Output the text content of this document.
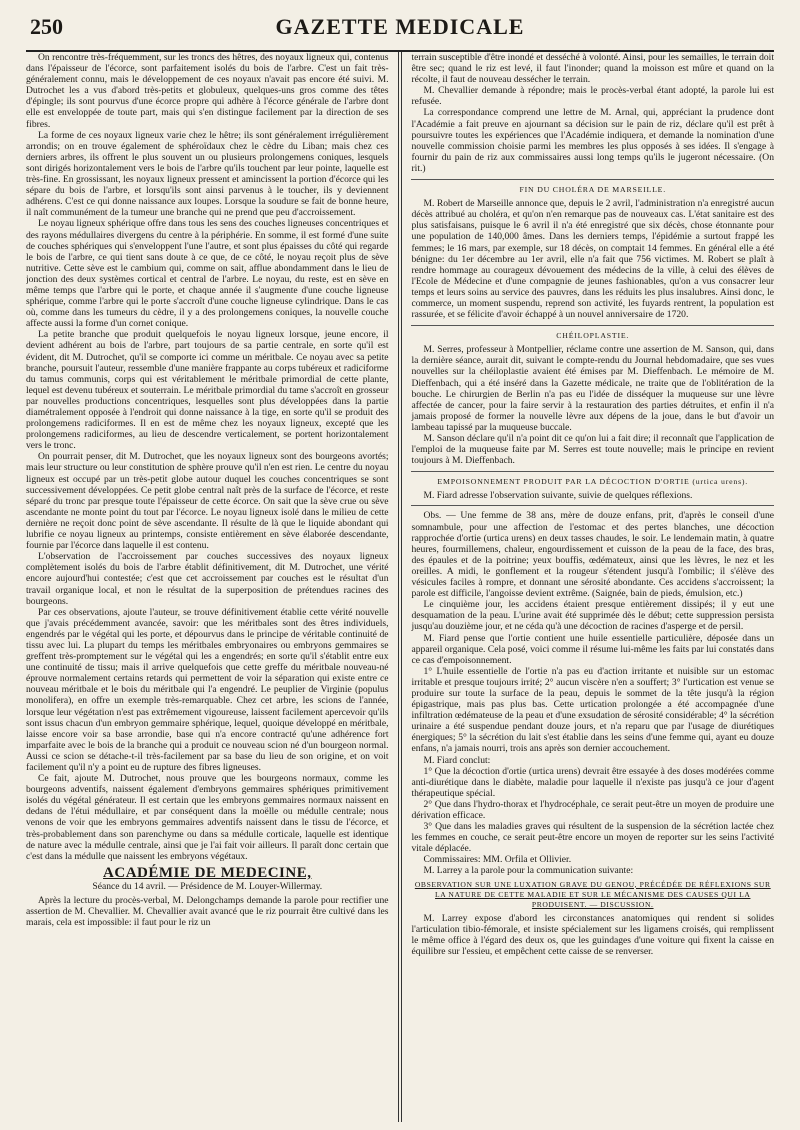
250	GAZETTE MEDICALE

On rencontre très-fréquemment, sur les troncs des hêtres, des noyaux ligneux qui, contenus dans l'épaisseur de l'écorce, sont parfaitement isolés du bois de l'arbre. C'est un fait très-généralement connu, mais le développement de ces noyaux n'avait pas encore été suivi. M. Dutrochet les a vus d'abord très-petits et globuleux, quelques-uns gros comme des têtes d'épingle; ils sont pourvus d'une écorce propre qui adhère à l'écorce générale de l'arbre dont elle est enveloppée de toute part, mais qui s'en distingue facilement par la direction de ses fibres.

La forme de ces noyaux ligneux varie chez le hêtre; ils sont généralement irrégulièrement arrondis; on en trouve également de sphéroïdaux chez le cèdre du Liban; mais chez ces derniers arbres, ils offrent le plus souvent un ou plusieurs prolongemens coniques, lesquels sont dirigés horizontalement vers le bois de l'arbre qu'ils touchent par leur pointe, laquelle est très-fine. En grossissant, les noyaux ligneux pressent et amincissent la portion d'écorce qui les sépare du bois de l'arbre, et lorsqu'ils sont ainsi parvenus à le toucher, ils y deviennent adhérens. C'est ce qui donne naissance aux loupes. Lorsque la soudure se fait de bonne heure, il naît communément de la tumeur une branche qui ne prend que peu d'accroissement.

Le noyau ligneux sphérique offre dans tous les sens des couches ligneuses concentriques et des rayons médullaires divergens du centre à la périphérie. En somme, il est formé d'une suite de couches sphériques qui s'enveloppent l'une l'autre, et sont plus épaisses du côté qui regarde le bois de l'arbre, ce qui tient sans doute à ce que, de ce côté, le noyau reçoit plus de sève nutritive. Cette sève est le cambium qui, comme on sait, afflue abondamment dans le lieu de jonction des deux systèmes cortical et central de l'arbre. Le noyau, du reste, est en sève en même temps que l'arbre qui le porte, et chaque année il s'augmente d'une couche ligneuse sphérique, comme l'arbre qui le porte s'accroît d'une couche ligneuse cylindrique. Dans le cas où, comme dans les tumeurs du cèdre, il y a des prolongemens coniques, la nouvelle couche affecte aussi la forme d'un cornet conique.

La petite branche que produit quelquefois le noyau ligneux lorsque, jeune encore, il devient adhérent au bois de l'arbre, part toujours de sa partie centrale, en sorte qu'il est évident, dit M. Dutrochet, qu'il se comporte ici comme un méritbale. Ce noyau avec sa petite branche, poursuit l'auteur, ressemble d'une manière frappante au corps tubéreux et radiciforme du tamus communis, corps qui est véritablement le méritbale primordial de cette plante, lequel est devenu tubéreux et souterrain. Le méritbale primordial du tame s'accroît en grosseur par nouvelles productions concentriques, lesquelles sont plus développées dans la partie diamétralement opposée à l'endroit qui donne naissance à la tige, en sorte qu'il se produit des prolongemens radiciformes. Il en est de même chez les noyaux ligneux, excepté que les prolongemens radiciformes, au lieu de descendre verticalement, se portent horizontalement vers le tronc.

On pourrait penser, dit M. Dutrochet, que les noyaux ligneux sont des bourgeons avortés; mais leur structure ou leur constitution de sphère prouve qu'il n'en est rien. Le centre du noyau ligneux est occupé par un très-petit globe autour duquel les couches concentriques se sont successivement développées. Ce petit globe central naît près de la surface de l'écorce, et reste séparé du tronc par presque toute l'épaisseur de cette écorce. On sait que la sève crue ou sève ascendante ne monte point du tout par l'écorce. Le noyau ligneux isolé dans le milieu de cette dernière ne reçoit donc point de sève ascendante. Il résulte de là que le liquide abondant qui lubrifie ce noyau ligneux au printemps, consiste entièrement en sève élaborée descendante, fournie par l'écorce dans laquelle il est contenu.

L'observation de l'accroissement par couches successives des noyaux ligneux complètement isolés du bois de l'arbre établit définitivement, dit M. Dutrochet, une vérité encore aujourd'hui contestée; c'est que cet accroissement par couches est le résultat d'un travail organique local, et non le résultat de la superposition de prétendues racines des bourgeons.

Par ces observations, ajoute l'auteur, se trouve définitivement établie cette vérité nouvelle que j'avais précédemment avancée, savoir: que les méritbales sont des êtres individuels, engendrés par le végétal qui les porte, et dépourvus dans le principe de véritable continuité de tissu avec lui. La plupart du temps les méritbales embryonaires ou embryons gemmaires se greffent très-promptement sur le végétal qui les a engendrés; en sorte qu'il s'établit entre eux une continuité de tissu; mais il arrive quelquefois que cette greffe du méritbale nouveau-né éprouve normalement certains retards qui permettent de voir la séparation qui existe entre ce nouveau méritbale et le bois du méritbale qui l'a engendré. Le peuplier de Virginie (populus monolifera), en offre un exemple très-remarquable. Chez cet arbre, les scions de l'année, lorsque leur végétation n'est pas extrêmement vigoureuse, laissent facilement apercevoir qu'ils sont issus chacun d'un embryon gemmaire sphérique, lequel, quoique développé en méritbale, laisse encore voir sa base arrondie, base qui n'a encore contracté qu'une adhérence fort imparfaite avec le bois de la branche qui a produit ce nouveau scion né d'un bourgeon normal. Aussi ce scion se détache-t-il très-facilement par sa base du lieu de son origine, et on voit facilement qu'il n'y a point eu de rupture des fibres ligneuses.

Ce fait, ajoute M. Dutrochet, nous prouve que les bourgeons normaux, comme les bourgeons adventifs, naissent également d'embryons gemmaires sphériques primitivement isolés du végétal générateur. Il est certain que les embryons gemmaires normaux naissent en dedans de l'étui médullaire, et par conséquent dans la moëlle ou médulle centrale; nous venons de voir que les embryons gemmaires adventifs naissent dans le tissu de l'écorce, et très-probablement dans son parenchyme ou dans sa médulle corticale, laquelle est identique de nature avec la médulle centrale, ainsi que je l'ai fait voir ailleurs. Il paraît donc certain que c'est dans la médulle que naissent les embryons végétaux.

ACADÉMIE DE MEDECINE,
Séance du 14 avril. — Présidence de M. Louyer-Willermay.

Après la lecture du procès-verbal, M. Delongchamps demande la parole pour rectifier une assertion de M. Chevallier. M. Chevallier avait avancé que le riz pourrait être cultivé dans les marais, cela est impossible: il faut pour le riz un

terrain susceptible d'être inondé et desséché à volonté. Ainsi, pour les semailles, le terrain doit être sec; quand le riz est levé, il faut l'inonder; quand la moisson est mûre et quand on la récolte, il faut de nouveau dessécher le terrain.

M. Chevallier demande à répondre; mais le procès-verbal étant adopté, la parole lui est refusée.

La correspondance comprend une lettre de M. Arnal, qui, appréciant la prudence dont l'Académie a fait preuve en ajournant sa décision sur le pain de riz, déclare qu'il est prêt à poursuivre toutes les expériences que l'Académie indiquera, et demande la nomination d'une nouvelle commission choisie parmi les membres les plus opposés à ses idées. Il s'engage à fournir du pain de riz aux commissaires aussi long temps qu'ils le jugeront nécessaire. (On rit.)

FIN DU CHOLÉRA DE MARSEILLE.

M. Robert de Marseille annonce que, depuis le 2 avril, l'administration n'a enregistré aucun décès attribué au choléra, et qu'on n'en remarque pas de nouveaux cas. L'état sanitaire est des plus satisfaisans, puisque le 6 avril il n'a été enregistré que six décès, chose étonnante pour une population de 140,000 âmes. Dans les derniers temps, l'épidémie a surtout frappé les femmes; le 16 mars, par exemple, sur 18 décès, on comptait 14 femmes. En général elle a été bénigne: du 1er décembre au 1er avril, elle n'a fait que 756 victimes. M. Robert se plaît à rendre hommage au courageux dévouement des médecins de la ville, à celui des élèves de l'Ecole de Médecine et d'une compagnie de jeunes fashionables, qu'on a vus consacrer leur temps et leurs soins au service des pauvres, dans les réduits les plus insalubres. Ainsi donc, le commerce, un moment suspendu, reprend son activité, les fuyards rentrent, la population est rassurée, et se félicite d'avoir échappé à un nouvel anniversaire de 1720.

CHÉILOPLASTIE.

M. Serres, professeur à Montpellier, réclame contre une assertion de M. Sanson, qui, dans la dernière séance, aurait dit, suivant le compte-rendu du Journal hebdomadaire, que ses vues nouvelles sur la chéiloplastie avaient été émises par M. Dieffenbach. Le mémoire de M. Dieffenbach, qui a été inséré dans la Gazette médicale, ne traite que de l'oblitération de la bouche. Le chirurgien de Berlin n'a pas eu l'idée de disséquer la muqueuse sur une lèvre affectée de cancer, pour la faire servir à la restauration des parties détruites, et enfin il n'a jamais proposé de former la nouvelle lèvre aux dépens de la joue, dans le but d'avoir un lambeau tapissé par la muqueuse buccale.

M. Sanson déclare qu'il n'a point dit ce qu'on lui a fait dire; il reconnaît que l'application de l'emploi de la muqueuse faite par M. Serres est toute nouvelle; mais le principe en revient toujours à M. Dieffenbach.

EMPOISONNEMENT PRODUIT PAR LA DÉCOCTION D'ORTIE (urtica urens).

M. Fiard adresse l'observation suivante, suivie de quelques réflexions.

Obs. — Une femme de 38 ans, mère de douze enfans, prit, d'après le conseil d'une somnambule, pour une affection de l'estomac et des pertes blanches, une décoction rapprochée d'ortie (urtica urens) en deux tasses chaudes, le soir. Le lendemain matin, à quatre heures, fourmillemens, chaleur, engourdissement et cuisson de la peau de la face, des bras, des épaules et de la poitrine; yeux bouffis, œdémateux, ainsi que les lèvres, le nez et les oreilles. A midi, le gonflement et la rougeur s'étendent jusqu'à l'ombilic; il s'élève des vésicules faciles à rompre, et donnant une sérosité abondante. Ces accidens s'accroissent; la parole est difficile, l'angoisse devient extrême. (Saignée, bain de pieds, émulsion, etc.)

Le cinquième jour, les accidens étaient presque entièrement dissipés; il y eut une desquamation de la peau. L'urine avait été supprimée dès le début; cette suppression persista jusqu'au douzième jour, et ne céda qu'à une décoction de racines d'asperge et de persil.

M. Fiard pense que l'ortie contient une huile essentielle particulière, déposée dans un appareil organique. Cela posé, voici comme il résume lui-même les faits par lui constatés dans ce cas d'empoisonnement.

1° L'huile essentielle de l'ortie n'a pas eu d'action irritante et nuisible sur un estomac irritable et presque toujours irrité; 2° aucun viscère n'en a souffert; 3° l'urtication est venue se produire sur toute la surface de la peau, depuis le sommet de la tête jusqu'à la région épigastrique, mais pas plus bas. Cette urtication prolongée a été accompagnée d'une infiltration œdémateuse de la peau et d'une exsudation de sérosité considérable; 4° la sécrétion urinaire a été suspendue pendant douze jours, et n'a reparu que par l'usage de diurétiques énergiques; 5° la sécrétion du lait s'est établie dans les seins d'une femme qui, ayant eu douze enfans, n'a jamais nourri, trois ans après son dernier accouchement.

M. Fiard conclut:

1° Que la décoction d'ortie (urtica urens) devrait être essayée à des doses modérées comme anti-diurétique dans le diabète, maladie pour laquelle il n'existe pas jusqu'à ce jour d'agent thérapeutique spécial.

2° Que dans l'hydro-thorax et l'hydrocéphale, ce serait peut-être un moyen de produire une dérivation efficace.

3° Que dans les maladies graves qui résultent de la suspension de la sécrétion lactée chez les femmes en couche, ce serait peut-être encore un moyen de reporter sur les seins l'activité vitale déplacée.

Commissaires: MM. Orfila et Ollivier.

M. Larrey a la parole pour la communication suivante:

OBSERVATION SUR UNE LUXATION GRAVE DU GENOU, PRÉCÉDÉE DE RÉFLEXIONS SUR LA NATURE DE CETTE MALADIE ET SUR LE MÉCANISME DES CAUSES QUI LA PRODUISENT. — DISCUSSION.

M. Larrey expose d'abord les circonstances anatomiques qui rendent si solides l'articulation tibio-fémorale, et insiste spécialement sur les ligamens croisés, qui remplissent le même office à l'égard des deux os, que les guindages d'une voiture qui fixent la caisse en équilibre sur l'essieu, et empêchent cette caisse de se renverser.
